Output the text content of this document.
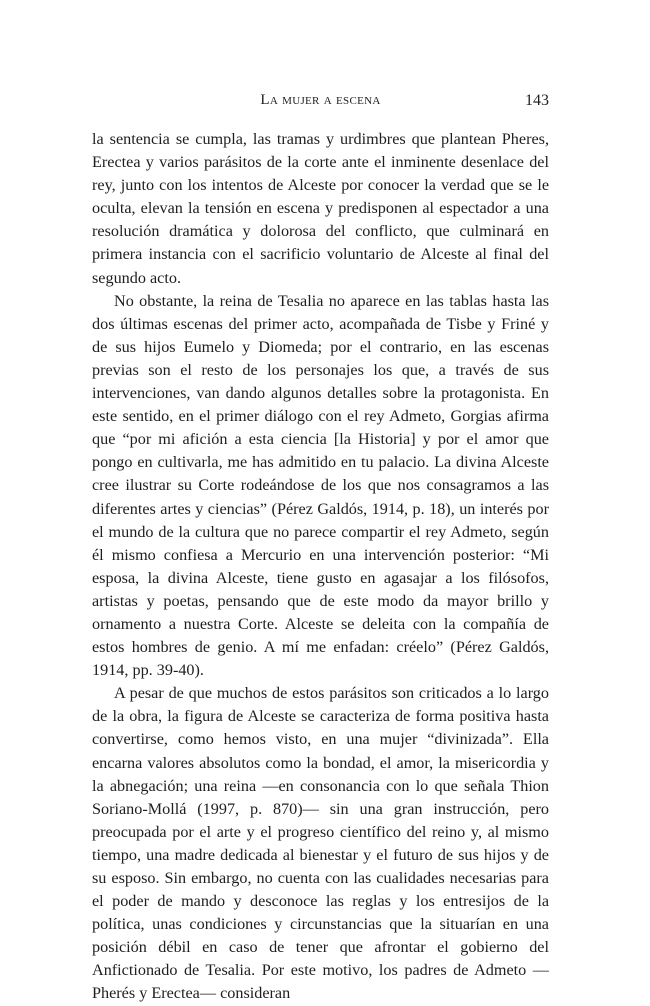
La mujer a escena	143

la sentencia se cumpla, las tramas y urdimbres que plantean Pheres, Erectea y varios parásitos de la corte ante el inminente desenlace del rey, junto con los intentos de Alceste por conocer la verdad que se le oculta, elevan la tensión en escena y predisponen al espectador a una resolución dramática y dolorosa del conflicto, que culminará en primera instancia con el sacrificio voluntario de Alceste al final del segundo acto.

No obstante, la reina de Tesalia no aparece en las tablas hasta las dos últimas escenas del primer acto, acompañada de Tisbe y Friné y de sus hijos Eumelo y Diomeda; por el contrario, en las escenas previas son el resto de los personajes los que, a través de sus intervenciones, van dando algunos detalles sobre la protagonista. En este sentido, en el primer diálogo con el rey Admeto, Gorgias afirma que “por mi afición a esta ciencia [la Historia] y por el amor que pongo en cultivarla, me has admitido en tu palacio. La divina Alceste cree ilustrar su Corte rodeándose de los que nos consagramos a las diferentes artes y ciencias” (Pérez Galdós, 1914, p. 18), un interés por el mundo de la cultura que no parece compartir el rey Admeto, según él mismo confiesa a Mercurio en una intervención posterior: “Mi esposa, la divina Alceste, tiene gusto en agasajar a los filósofos, artistas y poetas, pensando que de este modo da mayor brillo y ornamento a nuestra Corte. Alceste se deleita con la compañía de estos hombres de genio. A mí me enfadan: créelo” (Pérez Galdós, 1914, pp. 39-40).

A pesar de que muchos de estos parásitos son criticados a lo largo de la obra, la figura de Alceste se caracteriza de forma positiva hasta convertirse, como hemos visto, en una mujer “divinizada”. Ella encarna valores absolutos como la bondad, el amor, la misericordia y la abnegación; una reina —en consonancia con lo que señala Thion Soriano-Mollá (1997, p. 870)— sin una gran instrucción, pero preocupada por el arte y el progreso científico del reino y, al mismo tiempo, una madre dedicada al bienestar y el futuro de sus hijos y de su esposo. Sin embargo, no cuenta con las cualidades necesarias para el poder de mando y desconoce las reglas y los entresijos de la política, unas condiciones y circunstancias que la situarían en una posición débil en caso de tener que afrontar el gobierno del Anfictionado de Tesalia. Por este motivo, los padres de Admeto —Pherés y Erectea— consideran
